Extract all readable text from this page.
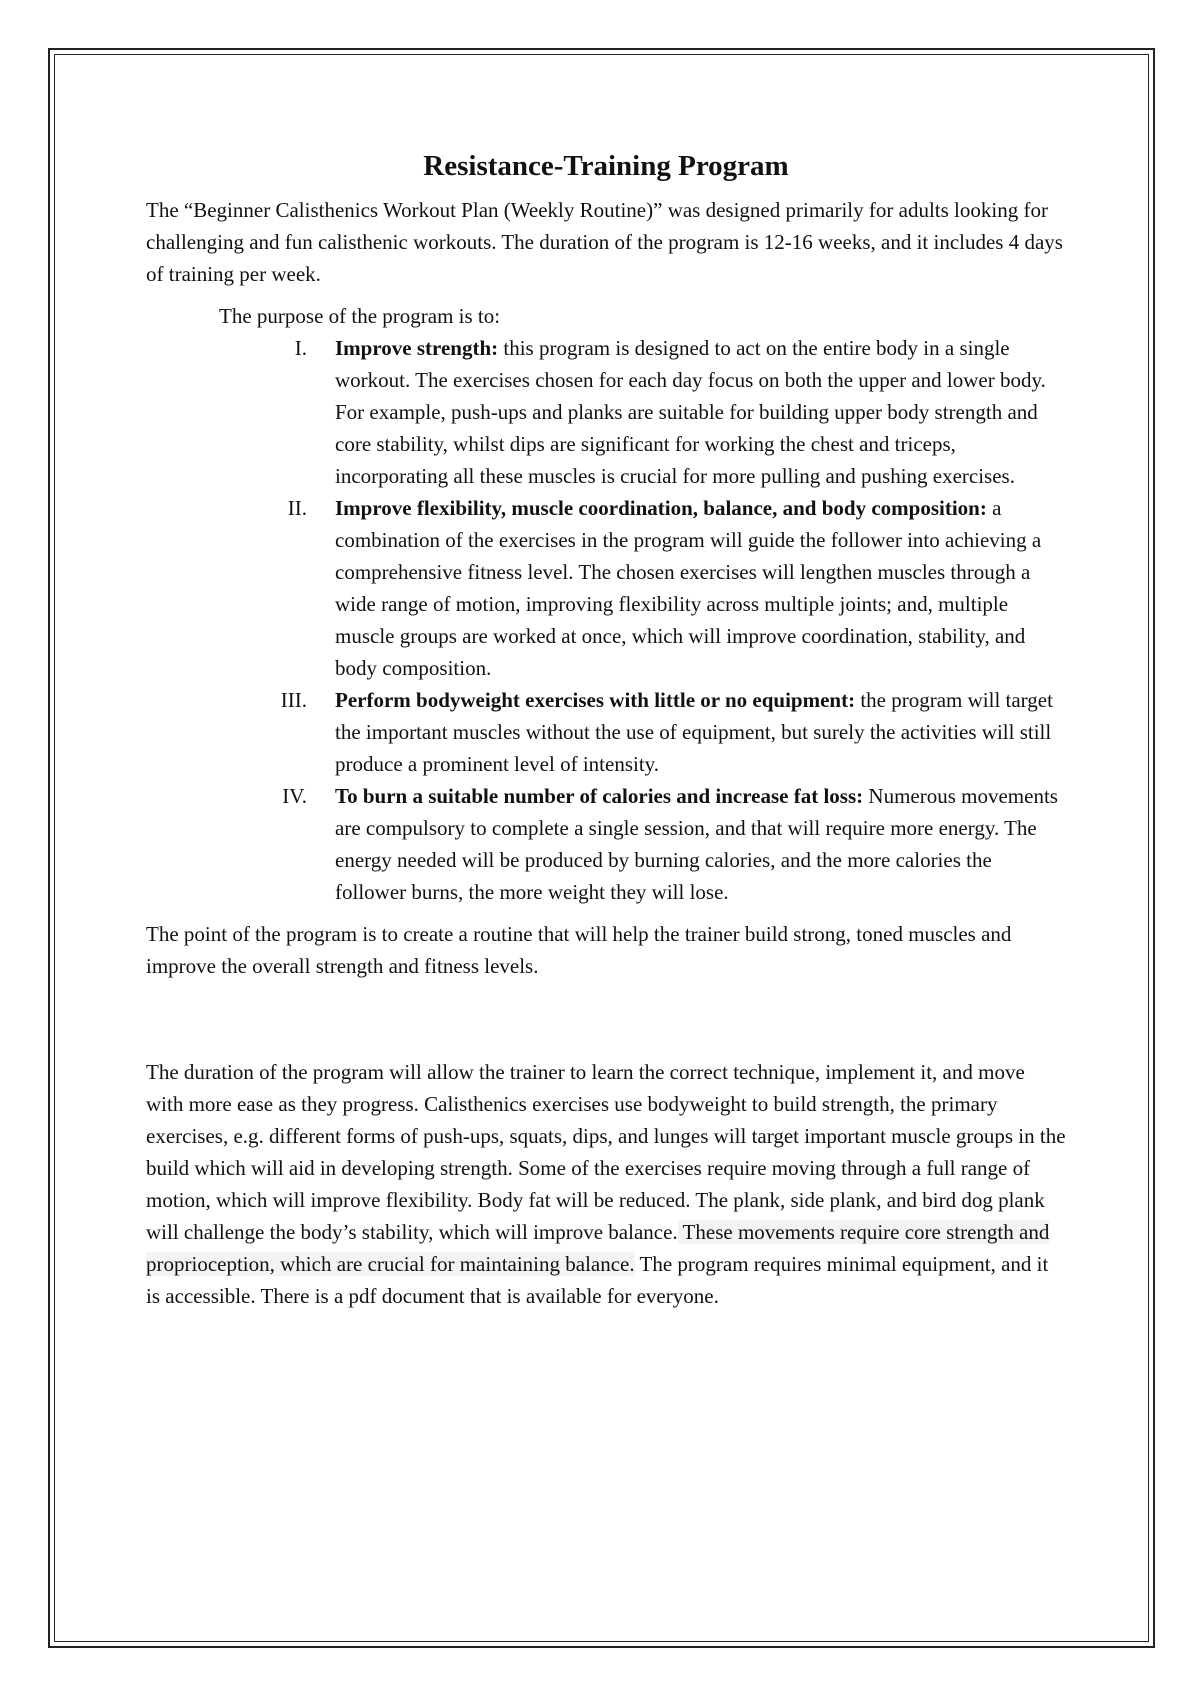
Resistance-Training Program

The “Beginner Calisthenics Workout Plan (Weekly Routine)” was designed primarily for adults looking for challenging and fun calisthenic workouts. The duration of the program is 12-16 weeks, and it includes 4 days of training per week.

The purpose of the program is to:

I. Improve strength: this program is designed to act on the entire body in a single workout. The exercises chosen for each day focus on both the upper and lower body. For example, push-ups and planks are suitable for building upper body strength and core stability, whilst dips are significant for working the chest and triceps, incorporating all these muscles is crucial for more pulling and pushing exercises.
II. Improve flexibility, muscle coordination, balance, and body composition: a combination of the exercises in the program will guide the follower into achieving a comprehensive fitness level. The chosen exercises will lengthen muscles through a wide range of motion, improving flexibility across multiple joints; and, multiple muscle groups are worked at once, which will improve coordination, stability, and body composition.
III. Perform bodyweight exercises with little or no equipment: the program will target the important muscles without the use of equipment, but surely the activities will still produce a prominent level of intensity.
IV. To burn a suitable number of calories and increase fat loss: Numerous movements are compulsory to complete a single session, and that will require more energy. The energy needed will be produced by burning calories, and the more calories the follower burns, the more weight they will lose.

The point of the program is to create a routine that will help the trainer build strong, toned muscles and improve the overall strength and fitness levels.

The duration of the program will allow the trainer to learn the correct technique, implement it, and move with more ease as they progress. Calisthenics exercises use bodyweight to build strength, the primary exercises, e.g. different forms of push-ups, squats, dips, and lunges will target important muscle groups in the build which will aid in developing strength. Some of the exercises require moving through a full range of motion, which will improve flexibility. Body fat will be reduced. The plank, side plank, and bird dog plank will challenge the body’s stability, which will improve balance. These movements require core strength and proprioception, which are crucial for maintaining balance. The program requires minimal equipment, and it is accessible. There is a pdf document that is available for everyone.
